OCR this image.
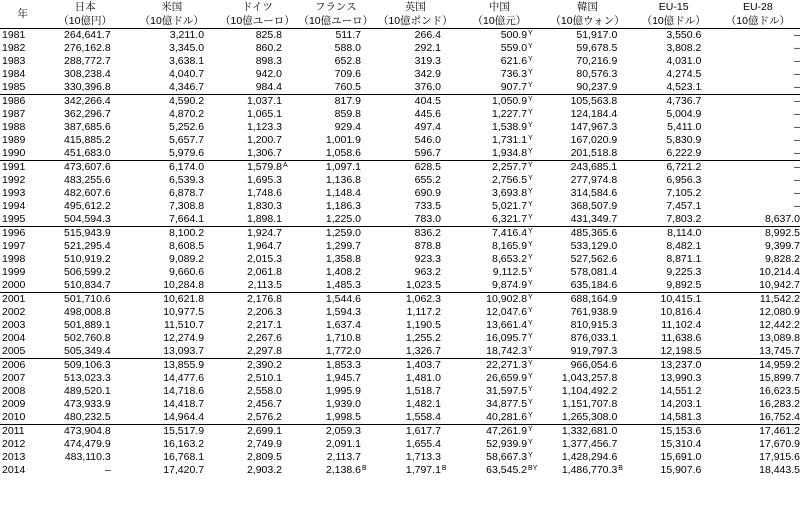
年	日本		米国		ドイツ		フランス		英国		中国		韓国		EU-15		EU-28
	（10億円）		（10億ドル）		（10億ユーロ）		（10億ユーロ）		（10億ポンド）		（10億元）		（10億ウォン）		（10億ドル）		（10億ドル）
1981	264,641.7		3,211.0		825.8		511.7		266.4		500.9	Y	51,917.0		3,550.6		–
1982	276,162.8		3,345.0		860.2		588.0		292.1		559.0	Y	59,678.5		3,808.2		–
1983	288,772.7		3,638.1		898.3		652.8		319.3		621.6	Y	70,216.9		4,031.0		–
1984	308,238.4		4,040.7		942.0		709.6		342.9		736.3	Y	80,576.3		4,274.5		–
1985	330,396.8		4,346.7		984.4		760.5		376.0		907.7	Y	90,237.9		4,523.1		–
1986	342,266.4		4,590.2		1,037.1		817.9		404.5		1,050.9	Y	105,563.8		4,736.7		–
1987	362,296.7		4,870.2		1,065.1		859.8		445.6		1,227.7	Y	124,184.4		5,004.9		–
1988	387,685.6		5,252.6		1,123.3		929.4		497.4		1,538.9	Y	147,967.3		5,411.0		–
1989	415,885.2		5,657.7		1,200.7		1,001.9		546.0		1,731.1	Y	167,020.9		5,830.9		–
1990	451,683.0		5,979.6		1,306.7		1,058.6		596.7		1,934.8	Y	201,518.8		6,222.9		–
1991	473,607.6		6,174.0		1,579.8	A	1,097.1		628.5		2,257.7	Y	243,685.1		6,721.2		–
1992	483,255.6		6,539.3		1,695.3		1,136.8		655.2		2,756.5	Y	277,974.8		6,956.3		–
1993	482,607.6		6,878.7		1,748.6		1,148.4		690.9		3,693.8	Y	314,584.6		7,105.2		–
1994	495,612.2		7,308.8		1,830.3		1,186.3		733.5		5,021.7	Y	368,507.9		7,457.1		–
1995	504,594.3		7,664.1		1,898.1		1,225.0		783.0		6,321.7	Y	431,349.7		7,803.2		8,637.0
1996	515,943.9		8,100.2		1,924.7		1,259.0		836.2		7,416.4	Y	485,365.6		8,114.0		8,992.5
1997	521,295.4		8,608.5		1,964.7		1,299.7		878.8		8,165.9	Y	533,129.0		8,482.1		9,399.7
1998	510,919.2		9,089.2		2,015.3		1,358.8		923.3		8,653.2	Y	527,562.6		8,871.1		9,828.2
1999	506,599.2		9,660.6		2,061.8		1,408.2		963.2		9,112.5	Y	578,081.4		9,225.3		10,214.4
2000	510,834.7		10,284.8		2,113.5		1,485.3		1,023.5		9,874.9	Y	635,184.6		9,892.5		10,942.7
2001	501,710.6		10,621.8		2,176.8		1,544.6		1,062.3		10,902.8	Y	688,164.9		10,415.1		11,542.2
2002	498,008.8		10,977.5		2,206.3		1,594.3		1,117.2		12,047.6	Y	761,938.9		10,816.4		12,080.9
2003	501,889.1		11,510.7		2,217.1		1,637.4		1,190.5		13,661.4	Y	810,915.3		11,102.4		12,442.2
2004	502,760.8		12,274.9		2,267.6		1,710.8		1,255.2		16,095.7	Y	876,033.1		11,638.6		13,089.8
2005	505,349.4		13,093.7		2,297.8		1,772.0		1,326.7		18,742.3	Y	919,797.3		12,198.5		13,745.7
2006	509,106.3		13,855.9		2,390.2		1,853.3		1,403.7		22,271.3	Y	966,054.6		13,237.0		14,959.2
2007	513,023.3		14,477.6		2,510.1		1,945.7		1,481.0		26,659.9	Y	1,043,257.8		13,990.3		15,899.7
2008	489,520.1		14,718.6		2,558.0		1,995.9		1,518.7		31,597.5	Y	1,104,492.2		14,551.2		16,623.5
2009	473,933.9		14,418.7		2,456.7		1,939.0		1,482.1		34,877.5	Y	1,151,707.8		14,203.1		16,283.2
2010	480,232.5		14,964.4		2,576.2		1,998.5		1,558.4		40,281.6	Y	1,265,308.0		14,581.3		16,752.4
2011	473,904.8		15,517.9		2,699.1		2,059.3		1,617.7		47,261.9	Y	1,332,681.0		15,153.6		17,461.2
2012	474,479.9		16,163.2		2,749.9		2,091.1		1,655.4		52,939.9	Y	1,377,456.7		15,310.4		17,670.9
2013	483,110.3		16,768.1		2,809.5		2,113.7		1,713.3		58,667.3	Y	1,428,294.6		15,691.0		17,915.6
2014	–		17,420.7		2,903.2		2,138.6	B	1,797.1	B	63,545.2	BY	1,486,770.3	B	15,907.6		18,443.5
